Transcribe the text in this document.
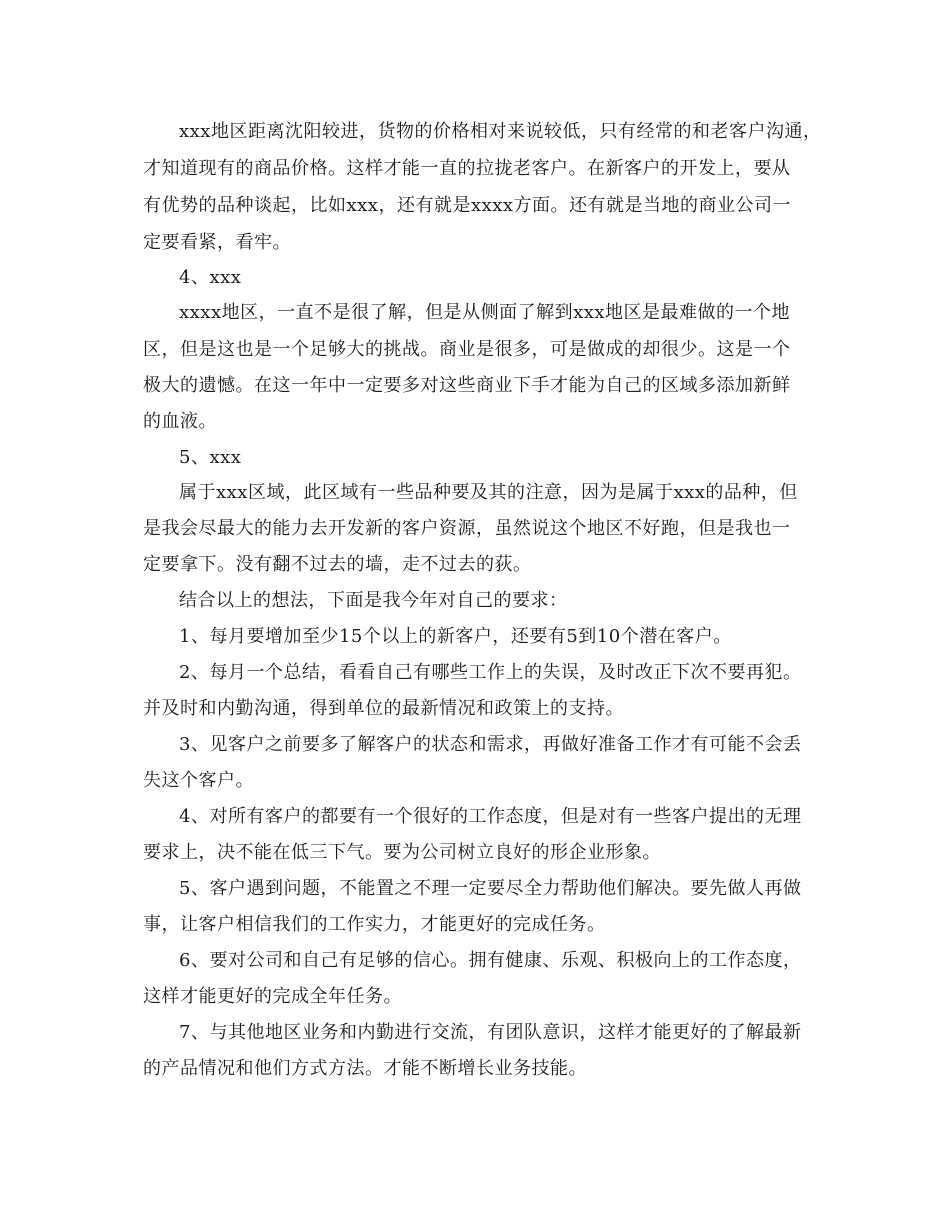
xxx地区距离沈阳较进，货物的价格相对来说较低，只有经常的和老客户沟通，
才知道现有的商品价格。这样才能一直的拉拢老客户。在新客户的开发上，要从
有优势的品种谈起，比如xxx，还有就是xxxx方面。还有就是当地的商业公司一
定要看紧，看牢。
4、xxx
xxxx地区，一直不是很了解，但是从侧面了解到xxx地区是最难做的一个地
区，但是这也是一个足够大的挑战。商业是很多，可是做成的却很少。这是一个
极大的遗憾。在这一年中一定要多对这些商业下手才能为自己的区域多添加新鲜
的血液。
5、xxx
属于xxx区域，此区域有一些品种要及其的注意，因为是属于xxx的品种，但
是我会尽最大的能力去开发新的客户资源，虽然说这个地区不好跑，但是我也一
定要拿下。没有翻不过去的墙，走不过去的荻。
结合以上的想法，下面是我今年对自己的要求：
1、每月要增加至少15个以上的新客户，还要有5到10个潜在客户。
2、每月一个总结，看看自己有哪些工作上的失误，及时改正下次不要再犯。
并及时和内勤沟通，得到单位的最新情况和政策上的支持。
3、见客户之前要多了解客户的状态和需求，再做好准备工作才有可能不会丢
失这个客户。
4、对所有客户的都要有一个很好的工作态度，但是对有一些客户提出的无理
要求上，决不能在低三下气。要为公司树立良好的形企业形象。
5、客户遇到问题，不能置之不理一定要尽全力帮助他们解决。要先做人再做
事，让客户相信我们的工作实力，才能更好的完成任务。
6、要对公司和自己有足够的信心。拥有健康、乐观、积极向上的工作态度，
这样才能更好的完成全年任务。
7、与其他地区业务和内勤进行交流，有团队意识，这样才能更好的了解最新
的产品情况和他们方式方法。才能不断增长业务技能。
